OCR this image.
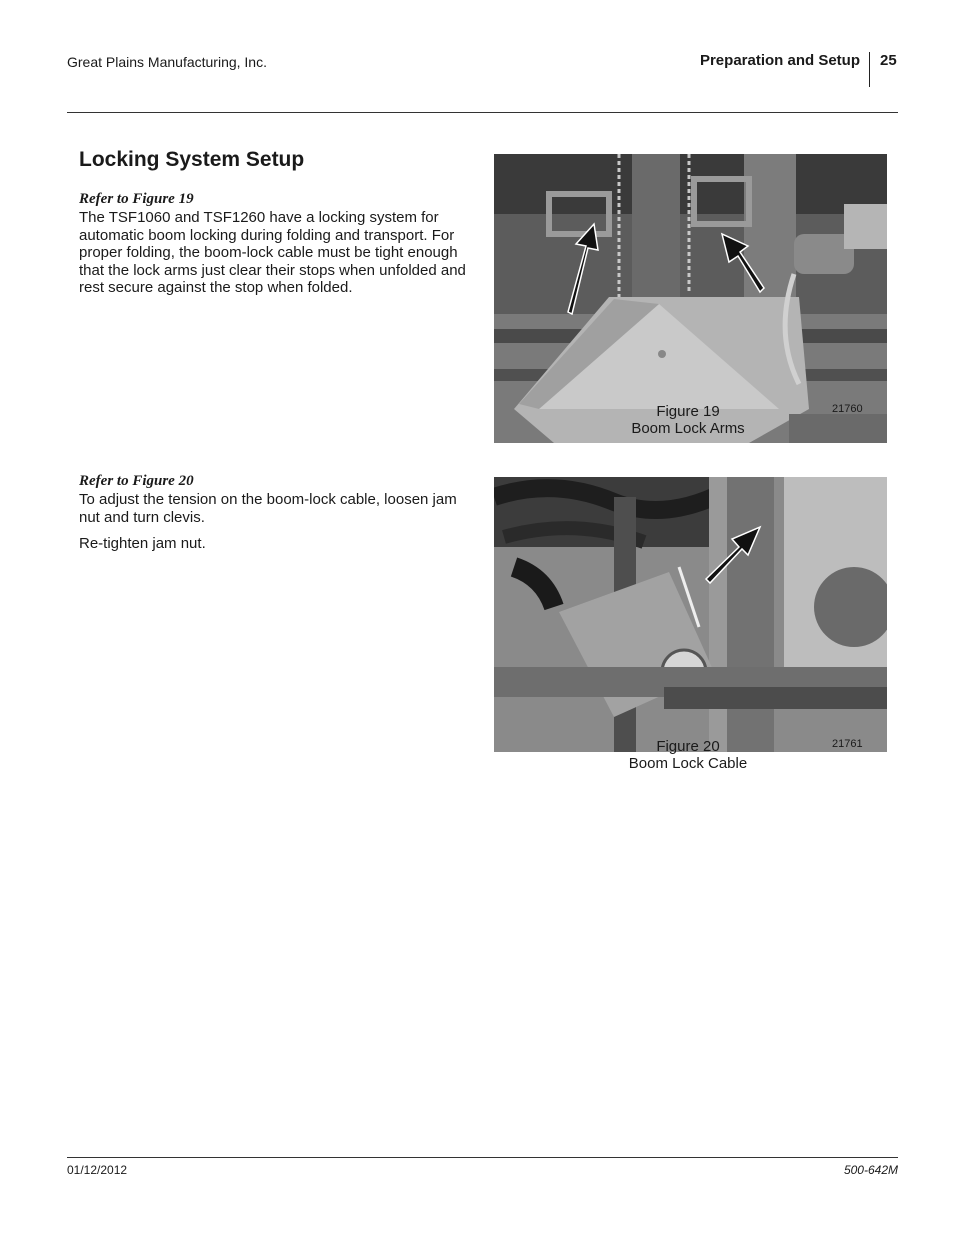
Great Plains Manufacturing, Inc.	Preparation and Setup 25
Locking System Setup
Refer to Figure 19
The TSF1060 and TSF1260 have a locking system for automatic boom locking during folding and transport. For proper folding, the boom-lock cable must be tight enough that the lock arms just clear their stops when unfolded and rest secure against the stop when folded.
Refer to Figure 20
To adjust the tension on the boom-lock cable, loosen jam nut and turn clevis.
Re-tighten jam nut.
Figure 19
Boom Lock Arms
21760
Figure 20
Boom Lock Cable
21761
01/12/2012	500-642M
